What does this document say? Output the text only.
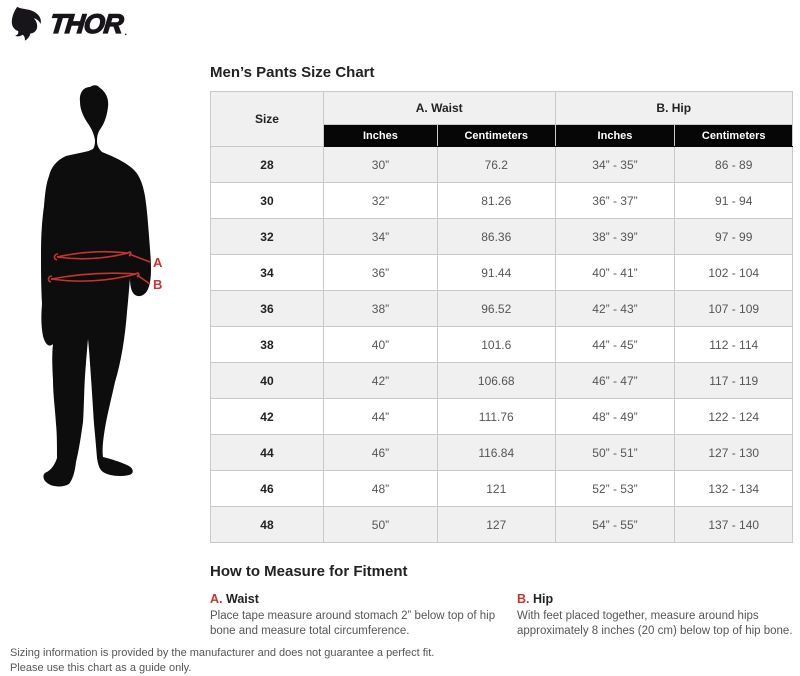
THOR .
A
B
Men’s Pants Size Chart
Size	A. Waist		B. Hip	
	Inches	Centimeters	Inches	Centimeters
28	30”	76.2	34” - 35”	86 - 89
30	32”	81.26	36” - 37”	91 - 94
32	34”	86.36	38” - 39”	97 - 99
34	36”	91.44	40” - 41”	102 - 104
36	38”	96.52	42” - 43”	107 - 109
38	40”	101.6	44” - 45”	112 - 114
40	42”	106.68	46” - 47”	117 - 119
42	44”	111.76	48” - 49”	122 - 124
44	46”	116.84	50” - 51”	127 - 130
46	48”	121	52” - 53”	132 - 134
48	50”	127	54” - 55”	137 - 140
How to Measure for Fitment
A. Waist
Place tape measure around stomach 2” below top of hip bone and measure total circumference.
B. Hip
With feet placed together, measure around hips approximately 8 inches (20 cm) below top of hip bone.
Sizing information is provided by the manufacturer and does not guarantee a perfect fit.
Please use this chart as a guide only.
